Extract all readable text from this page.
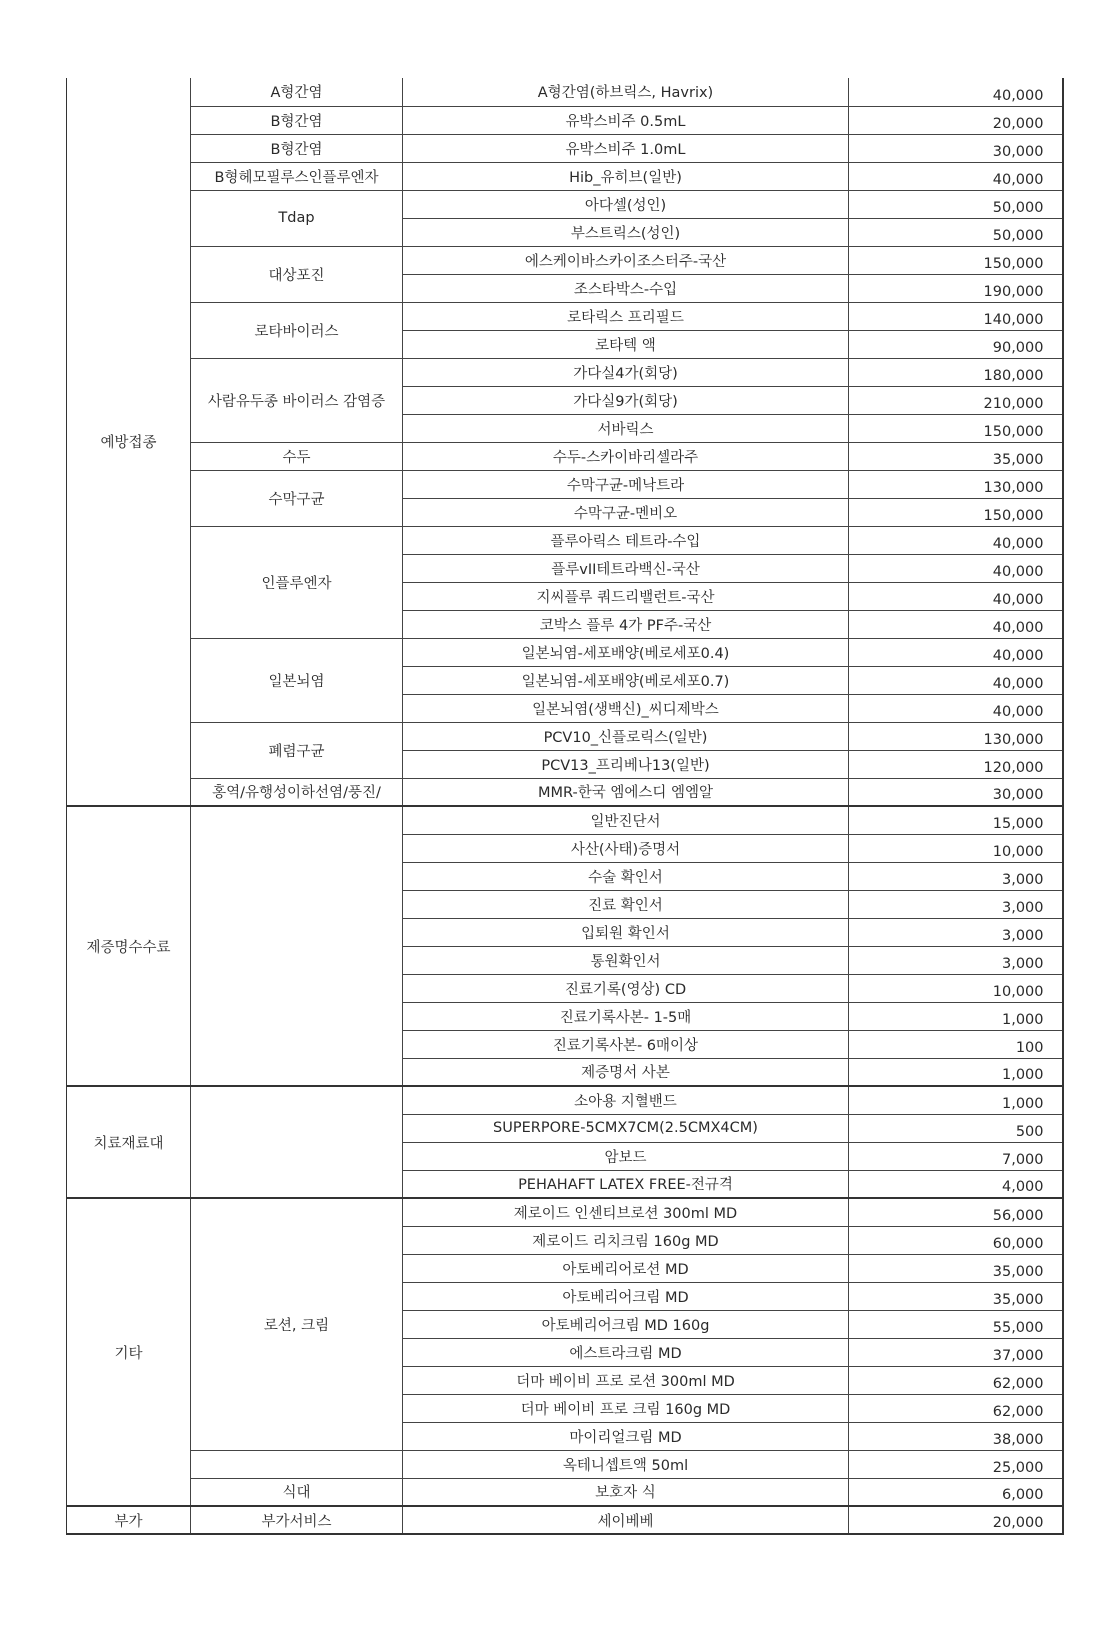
예방접종	A형간염	A형간염(하브릭스, Havrix)	40,000
	B형간염	유박스비주 0.5mL	20,000
	B형간염	유박스비주 1.0mL	30,000
	B형헤모필루스인플루엔자	Hib_유히브(일반)	40,000
	Tdap	아다셀(성인)	50,000
		부스트릭스(성인)	50,000
	대상포진	에스케이바스카이조스터주-국산	150,000
		조스타박스-수입	190,000
	로타바이러스	로타릭스 프리필드	140,000
		로타텍 액	90,000
	사람유두종 바이러스 감염증	가다실4가(회당)	180,000
		가다실9가(회당)	210,000
		서바릭스	150,000
	수두	수두-스카이바리셀라주	35,000
	수막구균	수막구균-메낙트라	130,000
		수막구균-멘비오	150,000
	인플루엔자	플루아릭스 테트라-수입	40,000
		플루vII테트라백신-국산	40,000
		지씨플루 쿼드리밸런트-국산	40,000
		코박스 플루 4가 PF주-국산	40,000
	일본뇌염	일본뇌염-세포배양(베로세포0.4)	40,000
		일본뇌염-세포배양(베로세포0.7)	40,000
		일본뇌염(생백신)_씨디제박스	40,000
	폐렴구균	PCV10_신플로릭스(일반)	130,000
		PCV13_프리베나13(일반)	120,000
	홍역/유행성이하선염/풍진/	MMR-한국 엠에스디 엠엠알	30,000
제증명수수료		일반진단서	15,000
		사산(사태)증명서	10,000
		수술 확인서	3,000
		진료 확인서	3,000
		입퇴원 확인서	3,000
		통원확인서	3,000
		진료기록(영상) CD	10,000
		진료기록사본- 1-5매	1,000
		진료기록사본- 6매이상	100
		제증명서 사본	1,000
치료재료대		소아용 지혈밴드	1,000
		SUPERPORE-5CMX7CM(2.5CMX4CM)	500
		암보드	7,000
		PEHAHAFT LATEX FREE-전규격	4,000
기타	로션, 크림	제로이드 인센티브로션 300ml MD	56,000
		제로이드 리치크림 160g MD	60,000
		아토베리어로션 MD	35,000
		아토베리어크림 MD	35,000
		아토베리어크림 MD 160g	55,000
		에스트라크림 MD	37,000
		더마 베이비 프로 로션 300ml MD	62,000
		더마 베이비 프로 크림 160g MD	62,000
		마이리얼크림 MD	38,000
		옥테니셉트액 50ml	25,000
	식대	보호자 식	6,000
부가	부가서비스	세이베베	20,000
